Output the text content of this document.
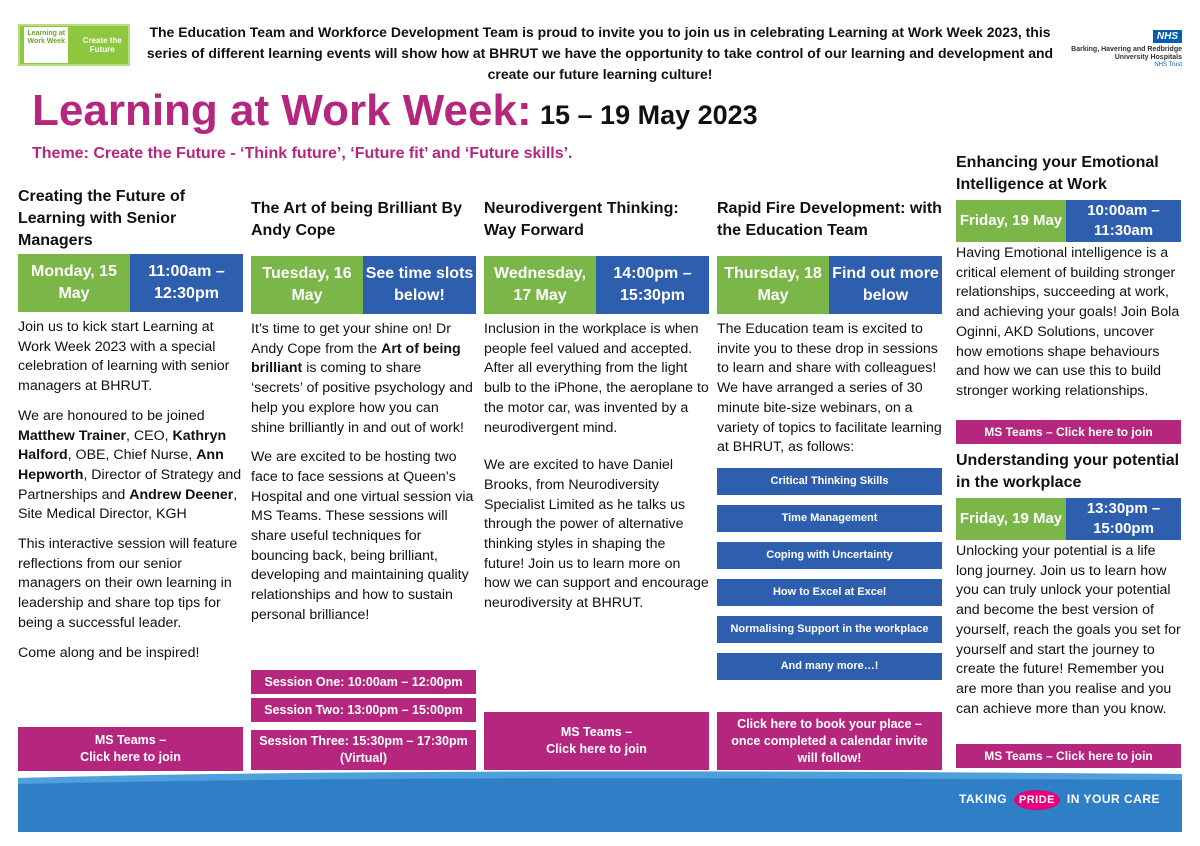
Learning at Work Week	Create the Future
The Education Team and Workforce Development Team is proud to invite you to join us in celebrating Learning at Work Week 2023, this series of different learning events will show how at BHRUT we have the opportunity to take control of our learning and development and create our future learning culture!
NHS
Barking, Havering and Redbridge University Hospitals
NHS Trust
Learning at Work Week: 15 – 19 May 2023
Theme: Create the Future - ‘Think future’, ‘Future fit’ and ‘Future skills’.
Creating the Future of Learning with Senior Managers
Monday, 15 May
11:00am – 12:30pm

Join us to kick start Learning at Work Week 2023 with a special celebration of learning with senior managers at BHRUT.

We are honoured to be joined Matthew Trainer, CEO, Kathryn Halford, OBE, Chief Nurse, Ann Hepworth, Director of Strategy and Partnerships and Andrew Deener, Site Medical Director, KGH

This interactive session will feature reflections from our senior managers on their own learning in leadership and share top tips for being a successful leader.

Come along and be inspired!

MS Teams –
Click here to join
The Art of being Brilliant By Andy Cope
Tuesday, 16 May
See time slots below!

It’s time to get your shine on! Dr Andy Cope from the Art of being brilliant is coming to share ‘secrets’ of positive psychology and help you explore how you can shine brilliantly in and out of work!

We are excited to be hosting two face to face sessions at Queen’s Hospital and one virtual session via MS Teams. These sessions will share useful techniques for bouncing back, being brilliant, developing and maintaining quality relationships and how to sustain personal brilliance!

Session One: 10:00am – 12:00pm
Session Two: 13:00pm – 15:00pm
Session Three: 15:30pm – 17:30pm
(Virtual)
Neurodivergent Thinking: Way Forward
Wednesday, 17 May
14:00pm – 15:30pm

Inclusion in the workplace is when people feel valued and accepted. After all everything from the light bulb to the iPhone, the aeroplane to the motor car, was invented by a neurodivergent mind.

We are excited to have Daniel Brooks, from Neurodiversity Specialist Limited as he talks us through the power of alternative thinking styles in shaping the future! Join us to learn more on how we can support and encourage neurodiversity at BHRUT.

MS Teams –
Click here to join
Rapid Fire Development: with the Education Team
Thursday, 18 May
Find out more below

The Education team is excited to invite you to these drop in sessions to learn and share with colleagues! We have arranged a series of 30 minute bite-size webinars, on a variety of topics to facilitate learning at BHRUT, as follows:

Critical Thinking Skills
Time Management
Coping with Uncertainty
How to Excel at Excel
Normalising Support in the workplace
And many more…!
Click here to book your place – once completed a calendar invite will follow!
Enhancing your Emotional Intelligence at Work
Friday, 19 May
10:00am – 11:30am
Having Emotional intelligence is a critical element of building stronger relationships, succeeding at work, and achieving your goals! Join Bola Oginni, AKD Solutions, uncover how emotions shape behaviours and how we can use this to build stronger working relationships.
MS Teams – Click here to join
Understanding your potential in the workplace
Friday, 19 May
13:30pm – 15:00pm
Unlocking your potential is a life long journey. Join us to learn how you can truly unlock your potential and become the best version of yourself, reach the goals you set for yourself and start the journey to create the future! Remember you are more than you realise and you can achieve more than you know.
MS Teams – Click here to join
TAKING PRIDE IN YOUR CARE
